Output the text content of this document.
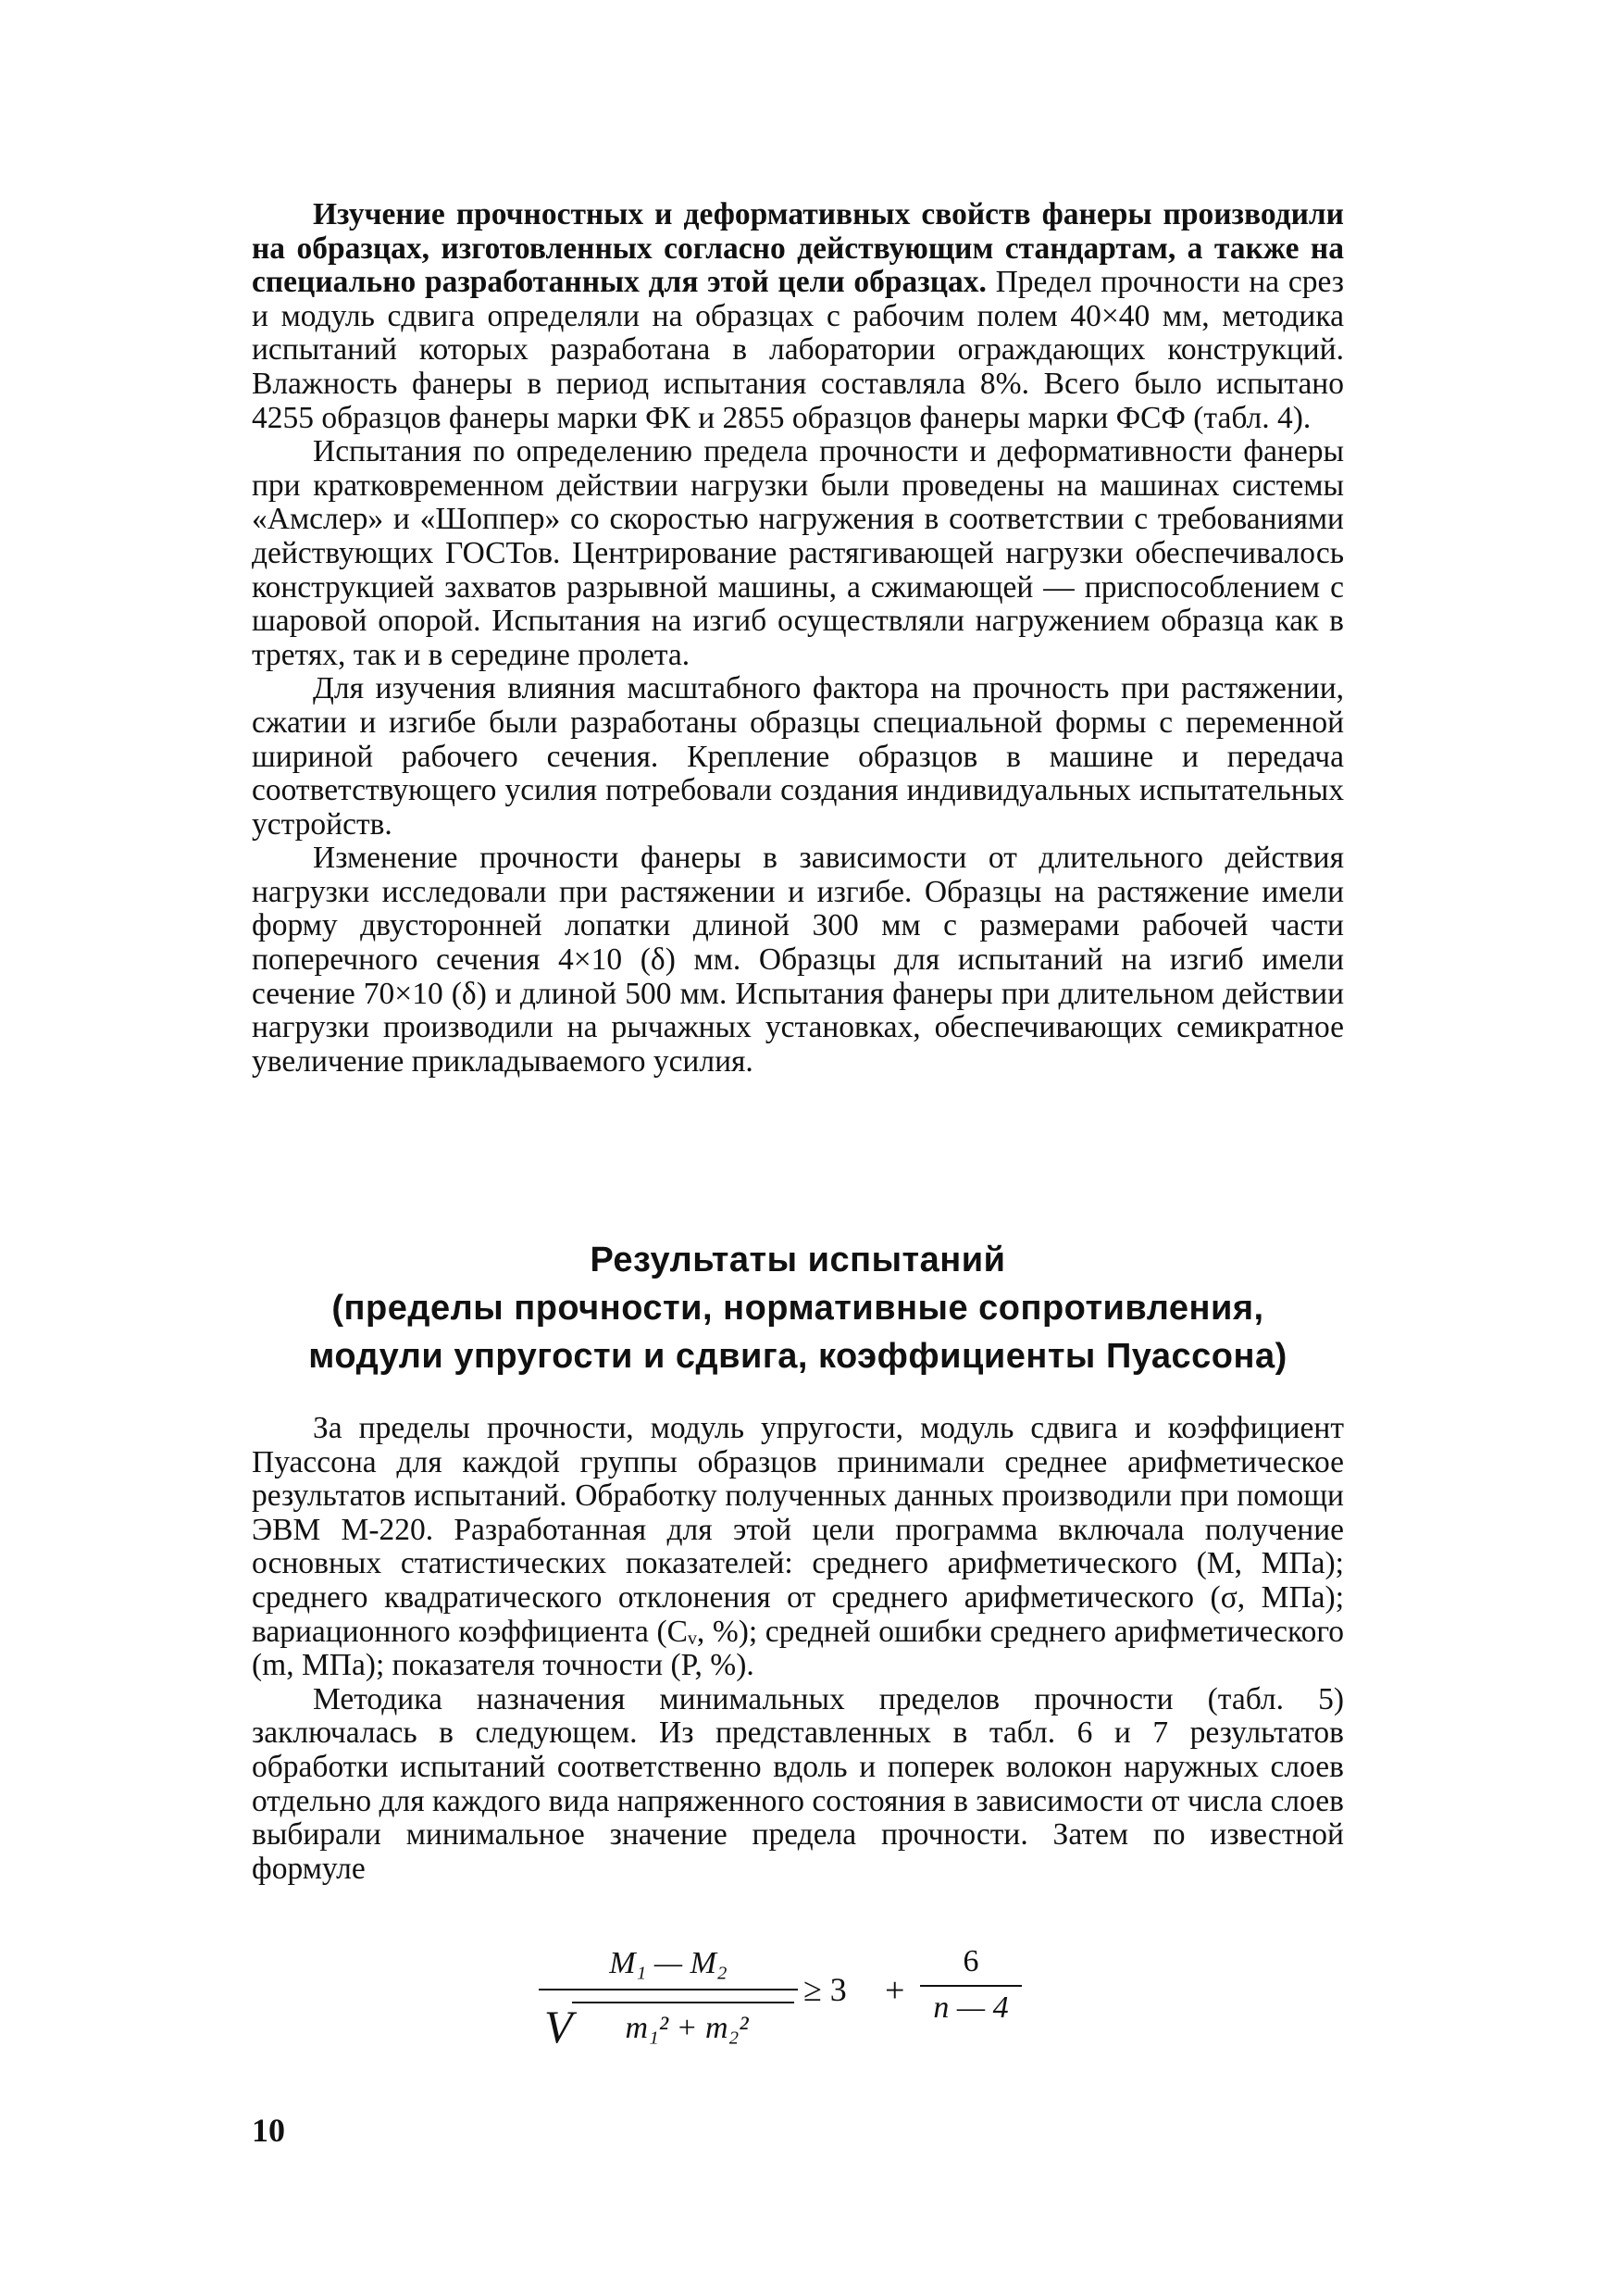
Изучение прочностных и деформативных свойств фанеры производили на образцах, изготовленных согласно действующим стандартам, а также на специально разработанных для этой цели образцах. Предел прочности на срез и модуль сдвига определяли на образцах с рабочим полем 40×40 мм, методика испытаний которых разработана в лаборатории ограждающих конструкций. Влажность фанеры в период испытания составляла 8%. Всего было испытано 4255 образцов фанеры марки ФК и 2855 образцов фанеры марки ФСФ (табл. 4).

Испытания по определению предела прочности и деформативности фанеры при кратковременном действии нагрузки были проведены на машинах системы «Амслер» и «Шоппер» со скоростью нагружения в соответствии с требованиями действующих ГОСТов. Центрирование растягивающей нагрузки обеспечивалось конструкцией захватов разрывной машины, а сжимающей — приспособлением с шаровой опорой. Испытания на изгиб осуществляли нагружением образца как в третях, так и в середине пролета.

Для изучения влияния масштабного фактора на прочность при растяжении, сжатии и изгибе были разработаны образцы специальной формы с переменной шириной рабочего сечения. Крепление образцов в машине и передача соответствующего усилия потребовали создания индивидуальных испытательных устройств.

Изменение прочности фанеры в зависимости от длительного действия нагрузки исследовали при растяжении и изгибе. Образцы на растяжение имели форму двусторонней лопатки длиной 300 мм с размерами рабочей части поперечного сечения 4×10 (δ) мм. Образцы для испытаний на изгиб имели сечение 70×10 (δ) и длиной 500 мм. Испытания фанеры при длительном действии нагрузки производили на рычажных установках, обеспечивающих семикратное увеличение прикладываемого усилия.

Результаты испытаний
(пределы прочности, нормативные сопротивления,
модули упругости и сдвига, коэффициенты Пуассона)

За пределы прочности, модуль упругости, модуль сдвига и коэффициент Пуассона для каждой группы образцов принимали среднее арифметическое результатов испытаний. Обработку полученных данных производили при помощи ЭВМ М-220. Разработанная для этой цели программа включала получение основных статистических показателей: среднего арифметического (М, МПа); среднего квадратического отклонения от среднего арифметического (σ, МПа); вариационного коэффициента (Cᵥ, %); средней ошибки среднего арифметического (m, МПа); показателя точности (P, %).

Методика назначения минимальных пределов прочности (табл. 5) заключалась в следующем. Из представленных в табл. 6 и 7 результатов обработки испытаний соответственно вдоль и поперек волокон наружных слоев отдельно для каждого вида напряженного состояния в зависимости от числа слоев выбирали минимальное значение предела прочности. Затем по известной формуле

M₁ — M₂
V	m₁² + m₂²
≥ 3 +
6
n — 4
10
